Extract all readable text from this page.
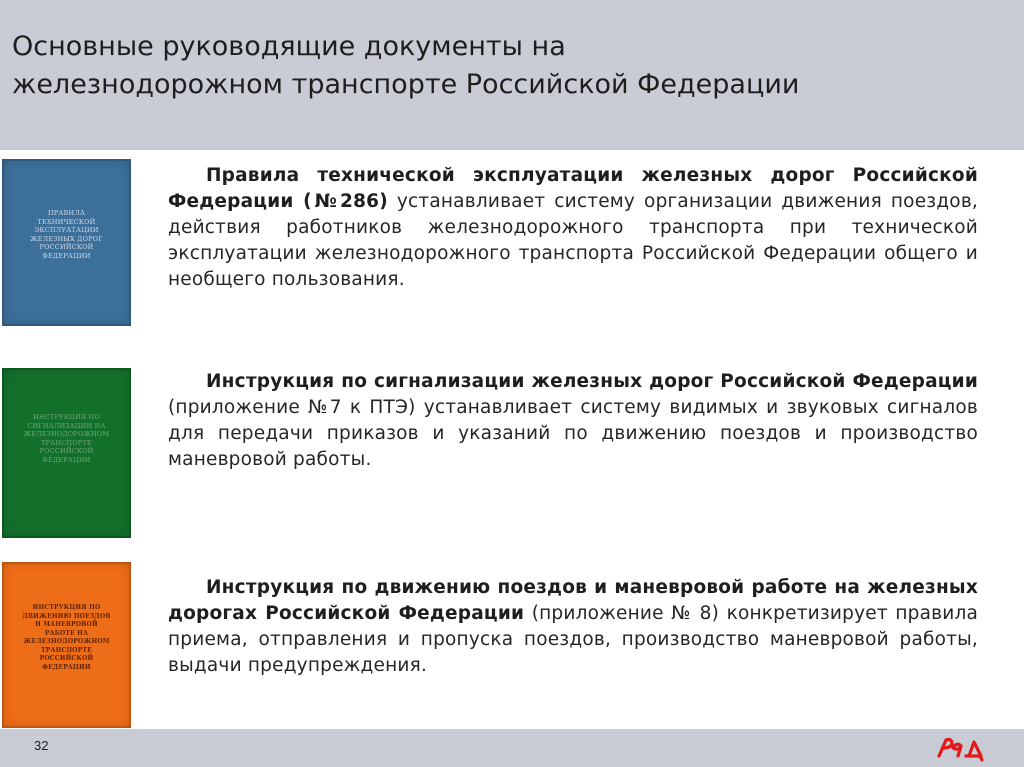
Основные руководящие документы на
железнодорожном транспорте Российской Федерации
ПРАВИЛА ТЕХНИЧЕСКОЙ ЭКСПЛУАТАЦИИ ЖЕЛЕЗНЫХ ДОРОГ РОССИЙСКОЙ ФЕДЕРАЦИИ
ИНСТРУКЦИЯ ПО СИГНАЛИЗАЦИИ НА ЖЕЛЕЗНОДОРОЖНОМ ТРАНСПОРТЕ РОССИЙСКОЙ ФЕДЕРАЦИИ
ИНСТРУКЦИЯ ПО ДВИЖЕНИЮ ПОЕЗДОВ И МАНЕВРОВОЙ РАБОТЕ НА ЖЕЛЕЗНОДОРОЖНОМ ТРАНСПОРТЕ РОССИЙСКОЙ ФЕДЕРАЦИИ

Правила технической эксплуатации железных дорог Российской Федерации (№286) устанавливает систему организации движения поездов, действия работников железнодорожного транспорта при технической эксплуатации железнодорожного транспорта Российской Федерации общего и необщего пользования.

Инструкция по сигнализации железных дорог Российской Федерации (приложение №7 к ПТЭ) устанавливает систему видимых и звуковых сигналов для передачи приказов и указаний по движению поездов и производство маневровой работы.

Инструкция по движению поездов и маневровой работе на железных дорогах Российской Федерации (приложение № 8) конкретизирует правила приема, отправления и пропуска поездов, производство маневровой работы, выдачи предупреждения.

32
